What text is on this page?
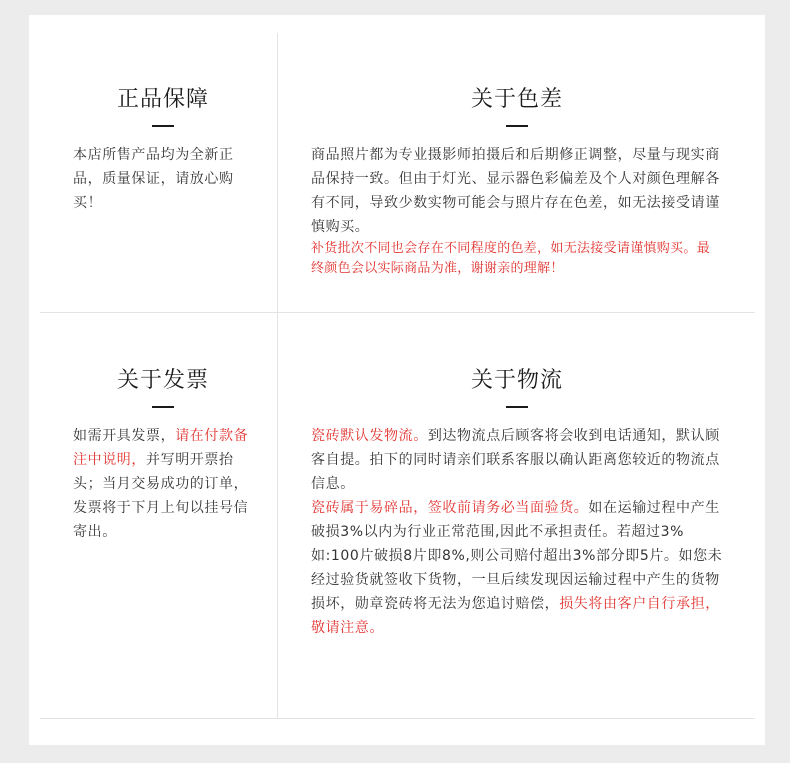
正品保障

本店所售产品均为全新正品，质量保证，请放心购买！

关于色差

商品照片都为专业摄影师拍摄后和后期修正调整，尽量与现实商品保持一致。但由于灯光、显示器色彩偏差及个人对颜色理解各有不同，导致少数实物可能会与照片存在色差，如无法接受请谨慎购买。

补货批次不同也会存在不同程度的色差，如无法接受请谨慎购买。最终颜色会以实际商品为准，谢谢亲的理解！

关于发票

如需开具发票，请在付款备注中说明，并写明开票抬头；当月交易成功的订单，发票将于下月上旬以挂号信寄出。

关于物流

瓷砖默认发物流。到达物流点后顾客将会收到电话通知，默认顾客自提。拍下的同时请亲们联系客服以确认距离您较近的物流点信息。

瓷砖属于易碎品，签收前请务必当面验货。如在运输过程中产生破损3%以内为行业正常范围,因此不承担责任。若超过3%如:100片破损8片即8%,则公司赔付超出3%部分即5片。如您未经过验货就签收下货物，一旦后续发现因运输过程中产生的货物损坏，勋章瓷砖将无法为您追讨赔偿，损失将由客户自行承担，敬请注意。
